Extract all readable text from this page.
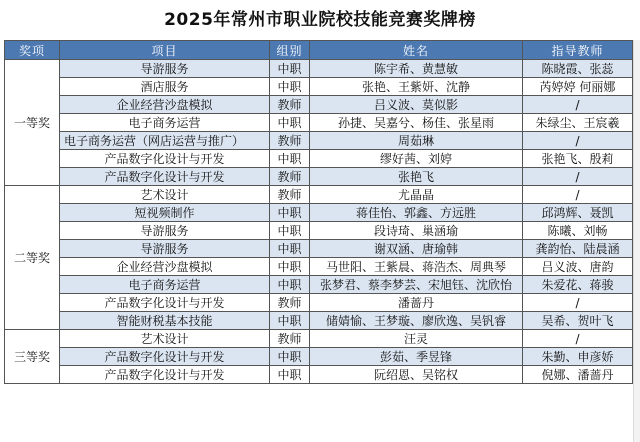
2025年常州市职业院校技能竞赛奖牌榜
奖项	项目	组别	姓名	指导教师
一等奖	导游服务	中职	陈宇希、黄慧敏	陈晓霞、张蕊
	酒店服务	中职	张艳、王紫妍、沈静	芮婷婷 何丽娜
	企业经营沙盘模拟	教师	吕义波、莫似影	/
	电子商务运营	中职	孙捷、吴嘉兮、杨佳、张星雨	朱绿尘、王宸羲
	电子商务运营（网店运营与推广）	教师	周茹琳	/
	产品数字化设计与开发	中职	缪好茜、刘婷	张艳飞、殷莉
	产品数字化设计与开发	教师	张艳飞	/
二等奖	艺术设计	教师	尤晶晶	/
	短视频制作	中职	蒋佳怡、郭鑫、方远胜	邱鸿辉、聂凯
	导游服务	中职	段诗琦、巢涵瑜	陈曦、刘畅
	导游服务	中职	谢双涵、唐瑜韩	龚韵怡、陆晨涵
	企业经营沙盘模拟	中职	马世阳、王紫晨、蒋浩杰、周典琴	吕义波、唐韵
	电子商务运营	中职	张梦君、蔡李梦芸、宋旭钰、沈欣怡	朱爱花、蒋骏
	产品数字化设计与开发	教师	潘蔷丹	/
	智能财税基本技能	中职	储婧愉、王梦璇、廖欣逸、吴钒睿	吴希、贺叶飞
三等奖	艺术设计	教师	汪灵	/
	产品数字化设计与开发	中职	彭茹、季昱锋	朱勤、申彦娇
	产品数字化设计与开发	中职	阮绍恩、吴铭权	倪娜、潘蔷丹
